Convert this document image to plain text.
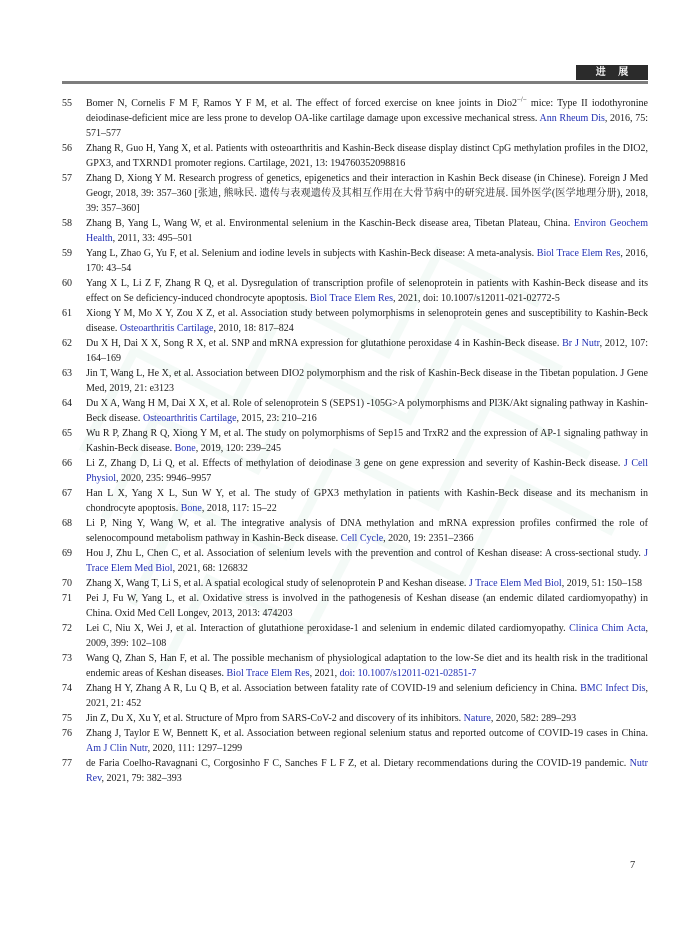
进 展
55 Bomer N, Cornelis F M F, Ramos Y F M, et al. The effect of forced exercise on knee joints in Dio2−/− mice: Type II iodothyronine deiodinase-deficient mice are less prone to develop OA-like cartilage damage upon excessive mechanical stress. Ann Rheum Dis, 2016, 75: 571–577
56 Zhang R, Guo H, Yang X, et al. Patients with osteoarthritis and Kashin-Beck disease display distinct CpG methylation profiles in the DIO2, GPX3, and TXRND1 promoter regions. Cartilage, 2021, 13: 194760352098816
57 Zhang D, Xiong Y M. Research progress of genetics, epigenetics and their interaction in Kashin Beck disease (in Chinese). Foreign J Med Geogr, 2018, 39: 357–360 [张迪, 熊咏民. 遗传与表观遗传及其相互作用在大骨节病中的研究进展. 国外医学(医学地理分册), 2018, 39: 357–360]
58 Zhang B, Yang L, Wang W, et al. Environmental selenium in the Kaschin-Beck disease area, Tibetan Plateau, China. Environ Geochem Health, 2011, 33: 495–501
59 Yang L, Zhao G, Yu F, et al. Selenium and iodine levels in subjects with Kashin-Beck disease: A meta-analysis. Biol Trace Elem Res, 2016, 170: 43–54
60 Yang X L, Li Z F, Zhang R Q, et al. Dysregulation of transcription profile of selenoprotein in patients with Kashin-Beck disease and its effect on Se deficiency-induced chondrocyte apoptosis. Biol Trace Elem Res, 2021, doi: 10.1007/s12011-021-02772-5
61 Xiong Y M, Mo X Y, Zou X Z, et al. Association study between polymorphisms in selenoprotein genes and susceptibility to Kashin-Beck disease. Osteoarthritis Cartilage, 2010, 18: 817–824
62 Du X H, Dai X X, Song R X, et al. SNP and mRNA expression for glutathione peroxidase 4 in Kashin-Beck disease. Br J Nutr, 2012, 107: 164–169
63 Jin T, Wang L, He X, et al. Association between DIO2 polymorphism and the risk of Kashin-Beck disease in the Tibetan population. J Gene Med, 2019, 21: e3123
64 Du X A, Wang H M, Dai X X, et al. Role of selenoprotein S (SEPS1) -105G>A polymorphisms and PI3K/Akt signaling pathway in Kashin-Beck disease. Osteoarthritis Cartilage, 2015, 23: 210–216
65 Wu R P, Zhang R Q, Xiong Y M, et al. The study on polymorphisms of Sep15 and TrxR2 and the expression of AP-1 signaling pathway in Kashin-Beck disease. Bone, 2019, 120: 239–245
66 Li Z, Zhang D, Li Q, et al. Effects of methylation of deiodinase 3 gene on gene expression and severity of Kashin-Beck disease. J Cell Physiol, 2020, 235: 9946–9957
67 Han L X, Yang X L, Sun W Y, et al. The study of GPX3 methylation in patients with Kashin-Beck disease and its mechanism in chondrocyte apoptosis. Bone, 2018, 117: 15–22
68 Li P, Ning Y, Wang W, et al. The integrative analysis of DNA methylation and mRNA expression profiles confirmed the role of selenocompound metabolism pathway in Kashin-Beck disease. Cell Cycle, 2020, 19: 2351–2366
69 Hou J, Zhu L, Chen C, et al. Association of selenium levels with the prevention and control of Keshan disease: A cross-sectional study. J Trace Elem Med Biol, 2021, 68: 126832
70 Zhang X, Wang T, Li S, et al. A spatial ecological study of selenoprotein P and Keshan disease. J Trace Elem Med Biol, 2019, 51: 150–158
71 Pei J, Fu W, Yang L, et al. Oxidative stress is involved in the pathogenesis of Keshan disease (an endemic dilated cardiomyopathy) in China. Oxid Med Cell Longev, 2013, 2013: 474203
72 Lei C, Niu X, Wei J, et al. Interaction of glutathione peroxidase-1 and selenium in endemic dilated cardiomyopathy. Clinica Chim Acta, 2009, 399: 102–108
73 Wang Q, Zhan S, Han F, et al. The possible mechanism of physiological adaptation to the low-Se diet and its health risk in the traditional endemic areas of Keshan diseases. Biol Trace Elem Res, 2021, doi: 10.1007/s12011-021-02851-7
74 Zhang H Y, Zhang A R, Lu Q B, et al. Association between fatality rate of COVID-19 and selenium deficiency in China. BMC Infect Dis, 2021, 21: 452
75 Jin Z, Du X, Xu Y, et al. Structure of Mpro from SARS-CoV-2 and discovery of its inhibitors. Nature, 2020, 582: 289–293
76 Zhang J, Taylor E W, Bennett K, et al. Association between regional selenium status and reported outcome of COVID-19 cases in China. Am J Clin Nutr, 2020, 111: 1297–1299
77 de Faria Coelho-Ravagnani C, Corgosinho F C, Sanches F L F Z, et al. Dietary recommendations during the COVID-19 pandemic. Nutr Rev, 2021, 79: 382–393
7
